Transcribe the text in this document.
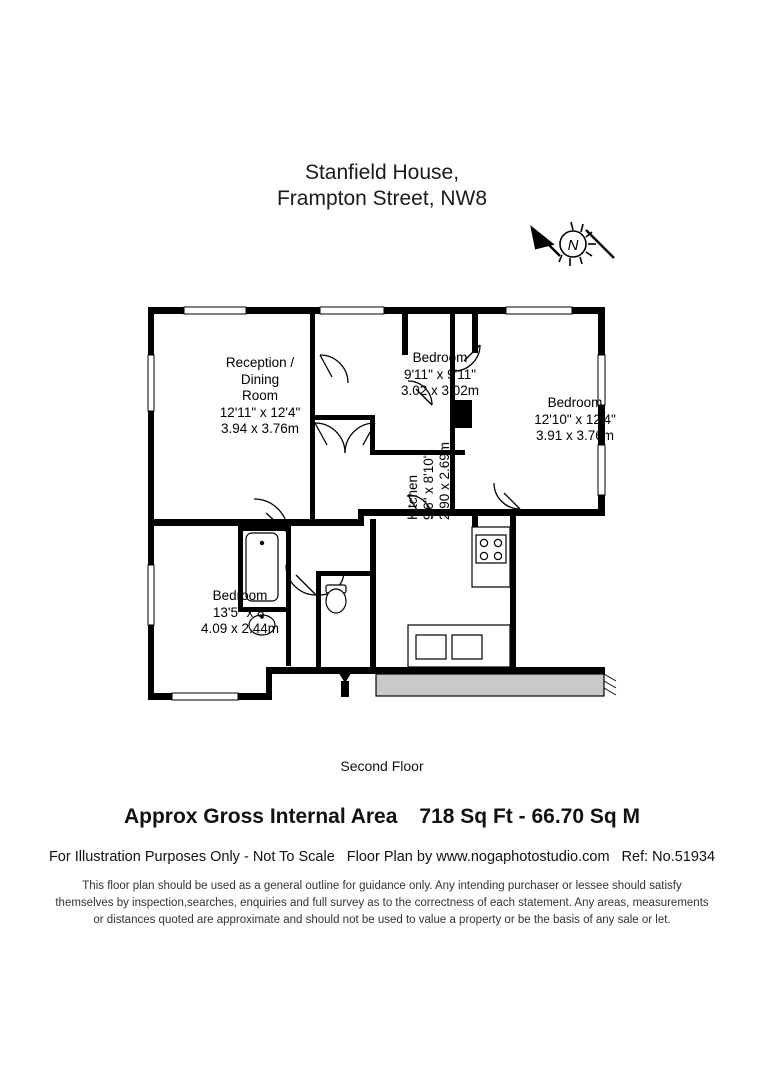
Stanfield House,
Frampton Street, NW8
N
Reception /
Dining
Room
12'11" x 12'4"
3.94 x 3.76m
Bedroom
9'11" x 9'11"
3.02 x 3.02m
Bedroom
12'10" x 12'4"
3.91 x 3.76m
Bedroom
13'5" x 8'
4.09 x 2.44m
Kitchen 9'6" x 8'10" 2.90 x 2.69m
Second Floor
Approx Gross Internal Area 718 Sq Ft - 66.70 Sq M
For Illustration Purposes Only - Not To Scale Floor Plan by www.nogaphotostudio.com Ref: No.51934
This floor plan should be used as a general outline for guidance only. Any intending purchaser or lessee should satisfy themselves by inspection,searches, enquiries and full survey as to the correctness of each statement. Any areas, measurements or distances quoted are approximate and should not be used to value a property or be the basis of any sale or let.
